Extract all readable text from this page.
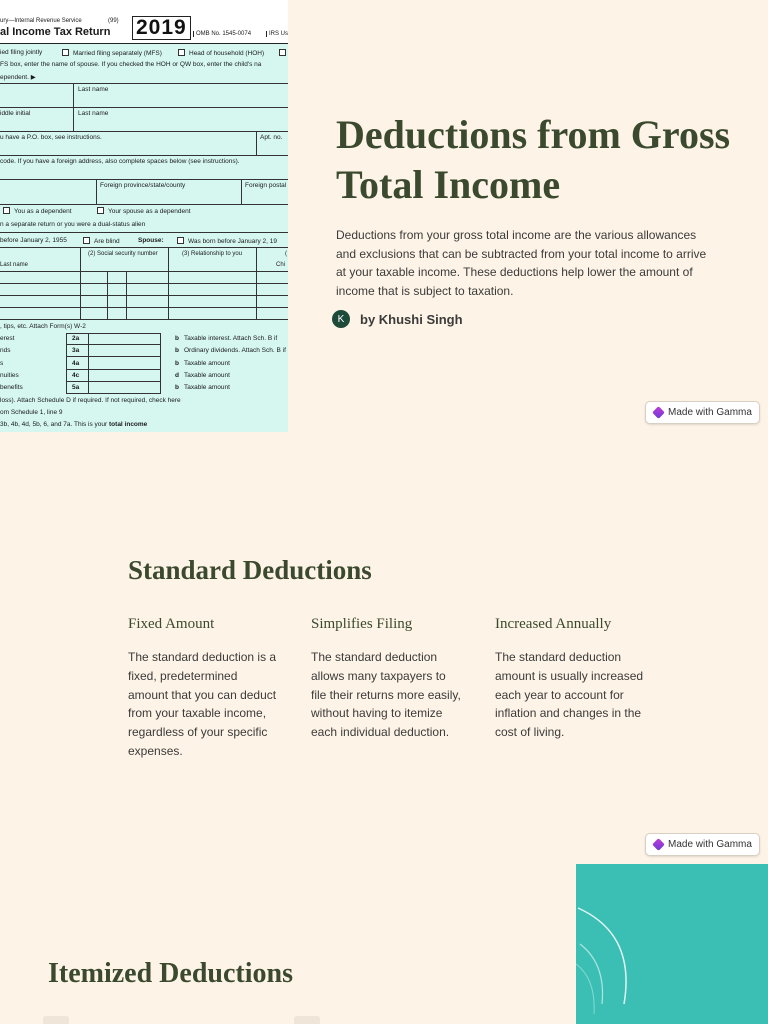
ury—Internal Revenue Service	(99)
al Income Tax Return 2019	OMB No. 1545-0074	IRS Us
ied filing jointly	Married filing separately (MFS)	Head of household (HOH)
FS box, enter the name of spouse. If you checked the HOH or QW box, enter the child's na
ependent. ▶
Last name
iddle initial	Last name
u have a P.O. box, see instructions.	Apt. no.
code. If you have a foreign address, also complete spaces below (see instructions).
Foreign province/state/county	Foreign postal
You as a dependent	Your spouse as a dependent
n a separate return or you were a dual-status alien
before January 2, 1955	Are blind	Spouse:	Was born before January 2, 19
(2) Social security number	(3) Relationship to you	(
Last name	Chi
, tips, etc. Attach Form(s) W-2
erest	2a	b Taxable interest. Attach Sch. B if
nds	3a	b Ordinary dividends. Attach Sch. B if
s	4a	b Taxable amount
nuities	4c	d Taxable amount
benefits	5a	b Taxable amount
loss). Attach Schedule D if required. If not required, check here
om Schedule 1, line 9
3b, 4b, 4d, 5b, 6, and 7a. This is your total income
Deductions from Gross Total Income

Deductions from your gross total income are the various allowances and exclusions that can be subtracted from your total income to arrive at your taxable income. These deductions help lower the amount of income that is subject to taxation.

K	by Khushi Singh
Made with Gamma
Standard Deductions
Fixed Amount

The standard deduction is a fixed, predetermined amount that you can deduct from your taxable income, regardless of your specific expenses.

Simplifies Filing

The standard deduction allows many taxpayers to file their returns more easily, without having to itemize each individual deduction.

Increased Annually

The standard deduction amount is usually increased each year to account for inflation and changes in the cost of living.

Made with Gamma
Itemized Deductions
